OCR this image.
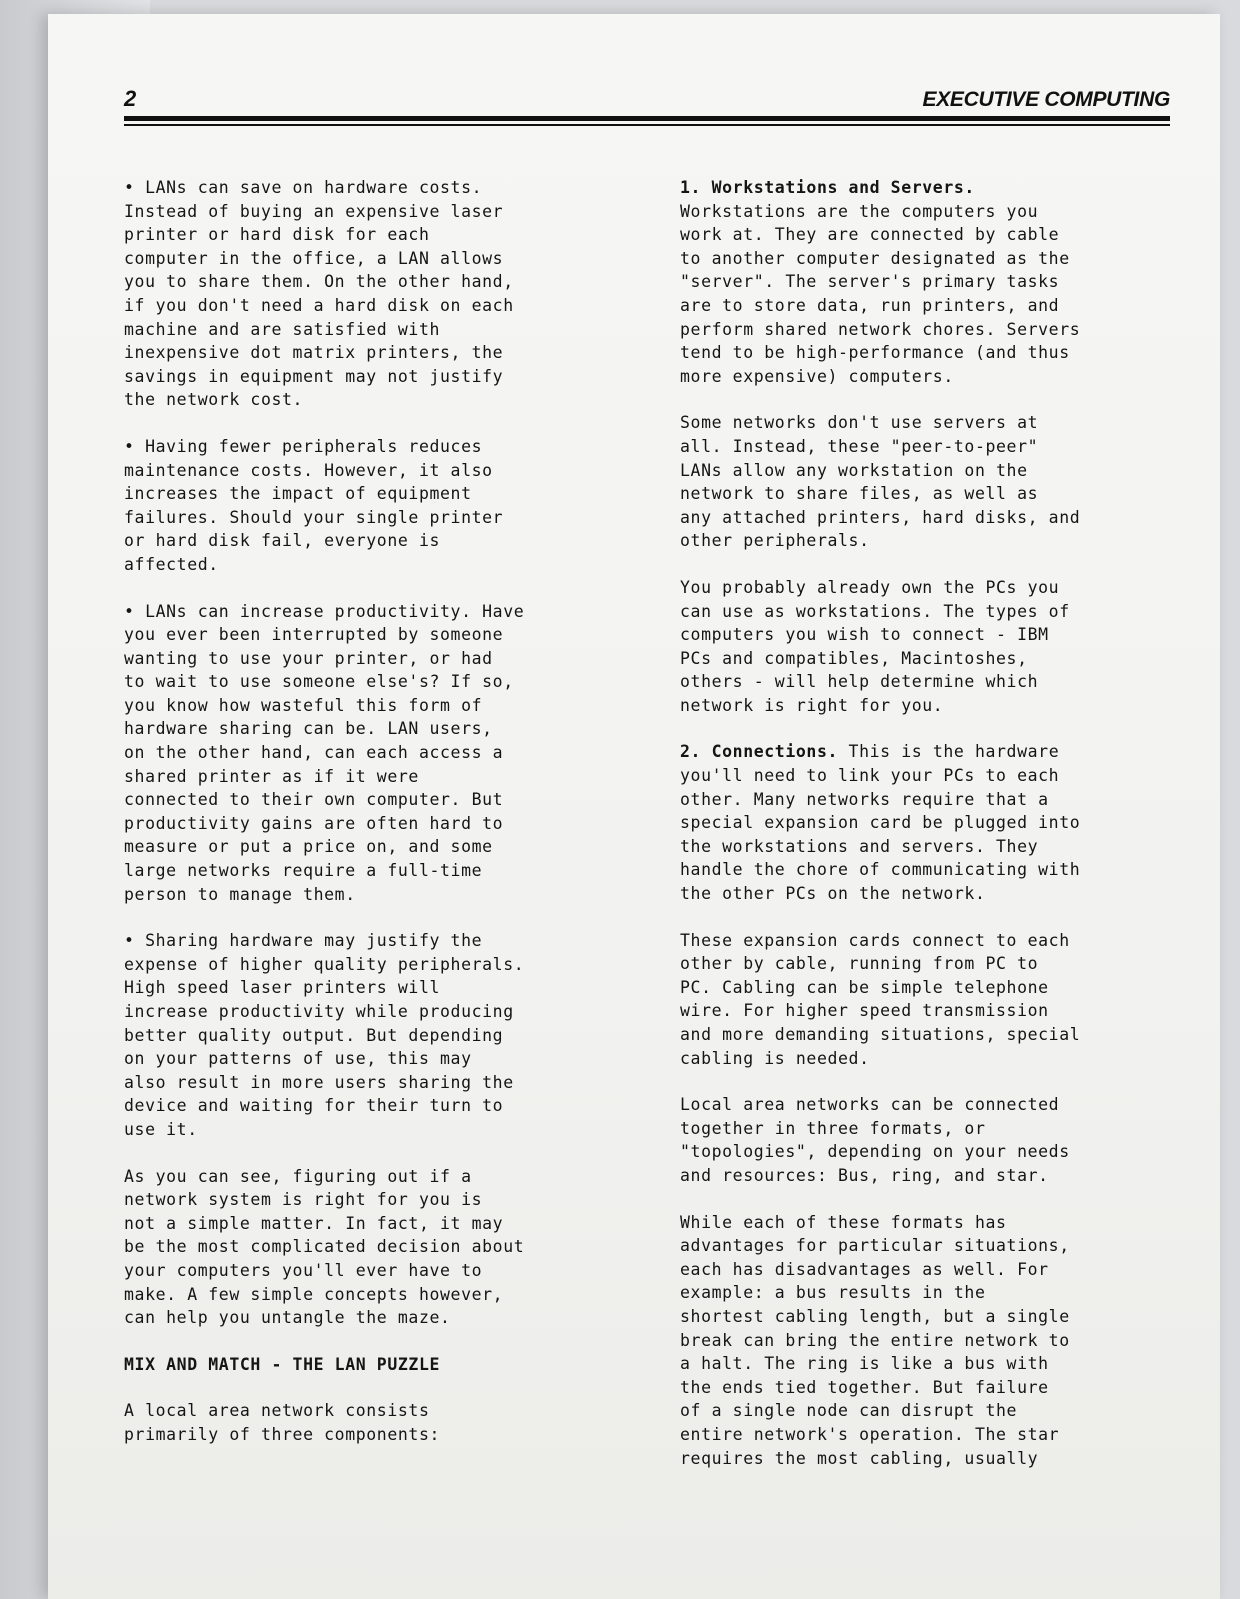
2	EXECUTIVE COMPUTING

• LANs can save on hardware costs.
Instead of buying an expensive laser
printer or hard disk for each
computer in the office, a LAN allows
you to share them. On the other hand,
if you don't need a hard disk on each
machine and are satisfied with
inexpensive dot matrix printers, the
savings in equipment may not justify
the network cost.

• Having fewer peripherals reduces
maintenance costs. However, it also
increases the impact of equipment
failures. Should your single printer
or hard disk fail, everyone is
affected.

• LANs can increase productivity. Have
you ever been interrupted by someone
wanting to use your printer, or had
to wait to use someone else's? If so,
you know how wasteful this form of
hardware sharing can be. LAN users,
on the other hand, can each access a
shared printer as if it were
connected to their own computer. But
productivity gains are often hard to
measure or put a price on, and some
large networks require a full-time
person to manage them.

• Sharing hardware may justify the
expense of higher quality peripherals.
High speed laser printers will
increase productivity while producing
better quality output. But depending
on your patterns of use, this may
also result in more users sharing the
device and waiting for their turn to
use it.

As you can see, figuring out if a
network system is right for you is
not a simple matter. In fact, it may
be the most complicated decision about
your computers you'll ever have to
make. A few simple concepts however,
can help you untangle the maze.

MIX AND MATCH - THE LAN PUZZLE

A local area network consists
primarily of three components:

1. Workstations and Servers.
Workstations are the computers you
work at. They are connected by cable
to another computer designated as the
"server". The server's primary tasks
are to store data, run printers, and
perform shared network chores. Servers
tend to be high-performance (and thus
more expensive) computers.

Some networks don't use servers at
all. Instead, these "peer-to-peer"
LANs allow any workstation on the
network to share files, as well as
any attached printers, hard disks, and
other peripherals.

You probably already own the PCs you
can use as workstations. The types of
computers you wish to connect - IBM
PCs and compatibles, Macintoshes,
others - will help determine which
network is right for you.

2. Connections. This is the hardware
you'll need to link your PCs to each
other. Many networks require that a
special expansion card be plugged into
the workstations and servers. They
handle the chore of communicating with
the other PCs on the network.

These expansion cards connect to each
other by cable, running from PC to
PC. Cabling can be simple telephone
wire. For higher speed transmission
and more demanding situations, special
cabling is needed.

Local area networks can be connected
together in three formats, or
"topologies", depending on your needs
and resources: Bus, ring, and star.

While each of these formats has
advantages for particular situations,
each has disadvantages as well. For
example: a bus results in the
shortest cabling length, but a single
break can bring the entire network to
a halt. The ring is like a bus with
the ends tied together. But failure
of a single node can disrupt the
entire network's operation. The star
requires the most cabling, usually
